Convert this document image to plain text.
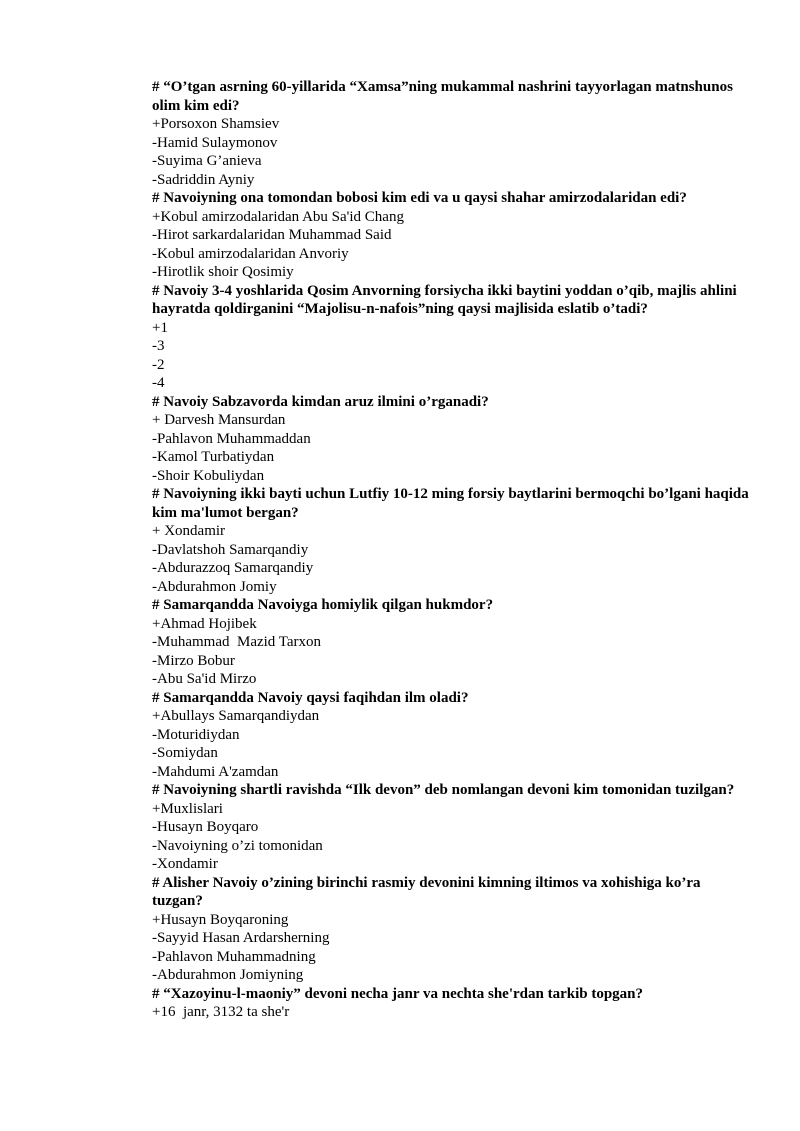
# “O’tgan asrning 60-yillarida “Xamsa”ning mukammal nashrini tayyorlagan matnshunos olim kim edi?

+Porsoxon Shamsiev

-Hamid Sulaymonov

-Suyima G’anieva

-Sadriddin Ayniy

# Navoiyning ona tomondan bobosi kim edi va u qaysi shahar amirzodalaridan edi?

+Kobul amirzodalaridan Abu Sa'id Chang

-Hirot sarkardalaridan Muhammad Said

-Kobul amirzodalaridan Anvoriy

-Hirotlik shoir Qosimiy

# Navoiy 3-4 yoshlarida Qosim Anvorning forsiycha ikki baytini yoddan o’qib, majlis ahlini hayratda qoldirganini “Majolisu-n-nafois”ning qaysi majlisida eslatib o’tadi?

+1

-3

-2

-4

# Navoiy Sabzavorda kimdan aruz ilmini o’rganadi?

+ Darvesh Mansurdan

-Pahlavon Muhammaddan

-Kamol Turbatiydan

-Shoir Kobuliydan

# Navoiyning ikki bayti uchun Lutfiy 10-12 ming forsiy baytlarini bermoqchi bo’lgani haqida kim ma'lumot bergan?

+ Xondamir

-Davlatshoh Samarqandiy

-Abdurazzoq Samarqandiy

-Abdurahmon Jomiy

# Samarqandda Navoiyga homiylik qilgan hukmdor?

+Ahmad Hojibek

-Muhammad  Mazid Tarxon

-Mirzo Bobur

-Abu Sa'id Mirzo

# Samarqandda Navoiy qaysi faqihdan ilm oladi?

+Abullays Samarqandiydan

-Moturidiydan

-Somiydan

-Mahdumi A'zamdan

# Navoiyning shartli ravishda “Ilk devon” deb nomlangan devoni kim tomonidan tuzilgan?

+Muxlislari

-Husayn Boyqaro

-Navoiyning o’zi tomonidan

-Xondamir

# Alisher Navoiy o’zining birinchi rasmiy devonini kimning iltimos va xohishiga ko’ra tuzgan?

+Husayn Boyqaroning

-Sayyid Hasan Ardarsherning

-Pahlavon Muhammadning

-Abdurahmon Jomiyning

# “Xazoyinu-l-maoniy” devoni necha janr va nechta she'rdan tarkib topgan?

+16  janr, 3132 ta she'r
